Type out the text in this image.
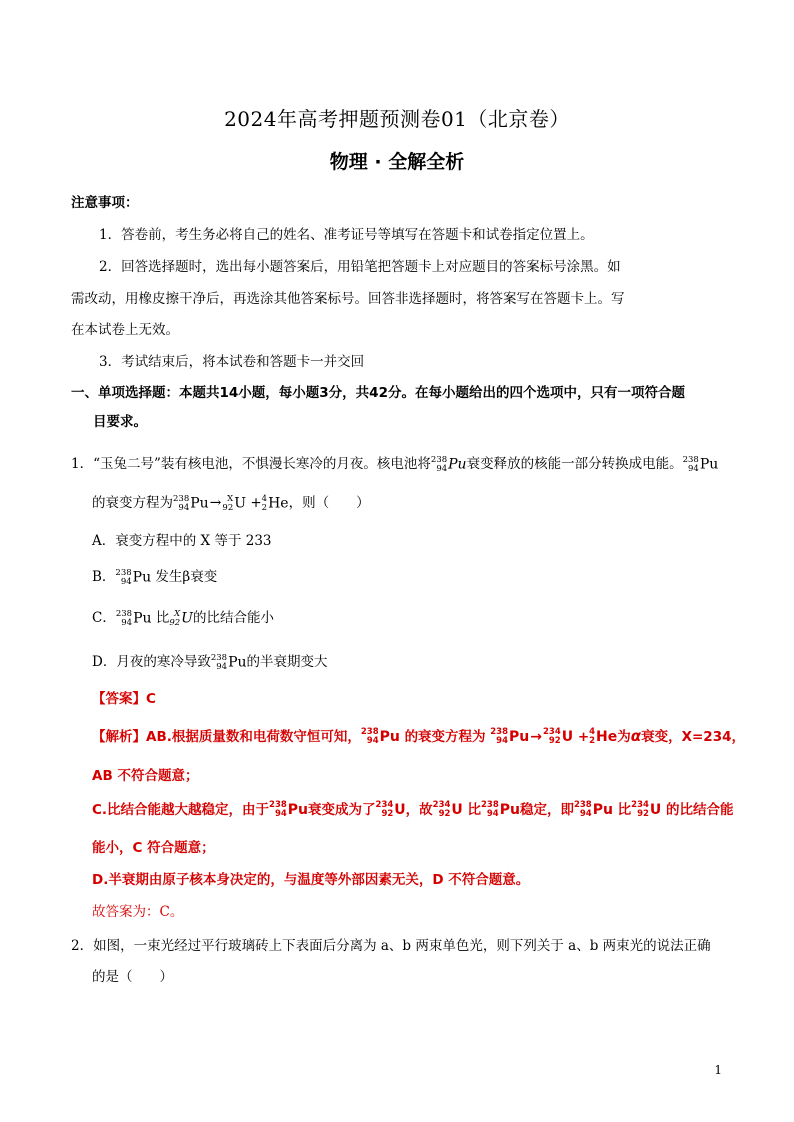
2024年高考押题预测卷01（北京卷）
物理 · 全解全析
注意事项：
1．答卷前，考生务必将自己的姓名、准考证号等填写在答题卡和试卷指定位置上。
2．回答选择题时，选出每小题答案后，用铅笔把答题卡上对应题目的答案标号涂黑。如
需改动，用橡皮擦干净后，再选涂其他答案标号。回答非选择题时，将答案写在答题卡上。写
在本试卷上无效。
3．考试结束后，将本试卷和答题卡一并交回
一、单项选择题：本题共14小题，每小题3分，共42分。在每小题给出的四个选项中，只有一项符合题
目要求。
1．“玉兔二号”装有核电池，不惧漫长寒冷的月夜。核电池将 238
94 Pu衰变释放的核能一部分转换成电能。 238
94 Pu
的衰变方程为 238
94 Pu→ X
92 U + 4
2 He，则（　　）
A．衰变方程中的 X 等于 233
B． 238
94 Pu 发生β衰变
C． 238
94 Pu 比 X
92 U的比结合能小
D．月夜的寒冷导致 238
94 Pu的半衰期变大
【答案】C
【解析】AB.根据质量数和电荷数守恒可知， 238
94 Pu 的衰变方程为 238
94 Pu→ 234
92 U + 4
2 He为α衰变，X=234，
AB 不符合题意；
C.比结合能越大越稳定，由于 238
94 Pu衰变成为了 234
92 U，故 234
92 U 比 238
94 Pu稳定，即 238
94 Pu 比 234
92 U 的比结合能
能小，C 符合题意；
D.半衰期由原子核本身决定的，与温度等外部因素无关，D 不符合题意。
故答案为：C。
2．如图，一束光经过平行玻璃砖上下表面后分离为 a、b 两束单色光，则下列关于 a、b 两束光的说法正确
的是（　　）
1
